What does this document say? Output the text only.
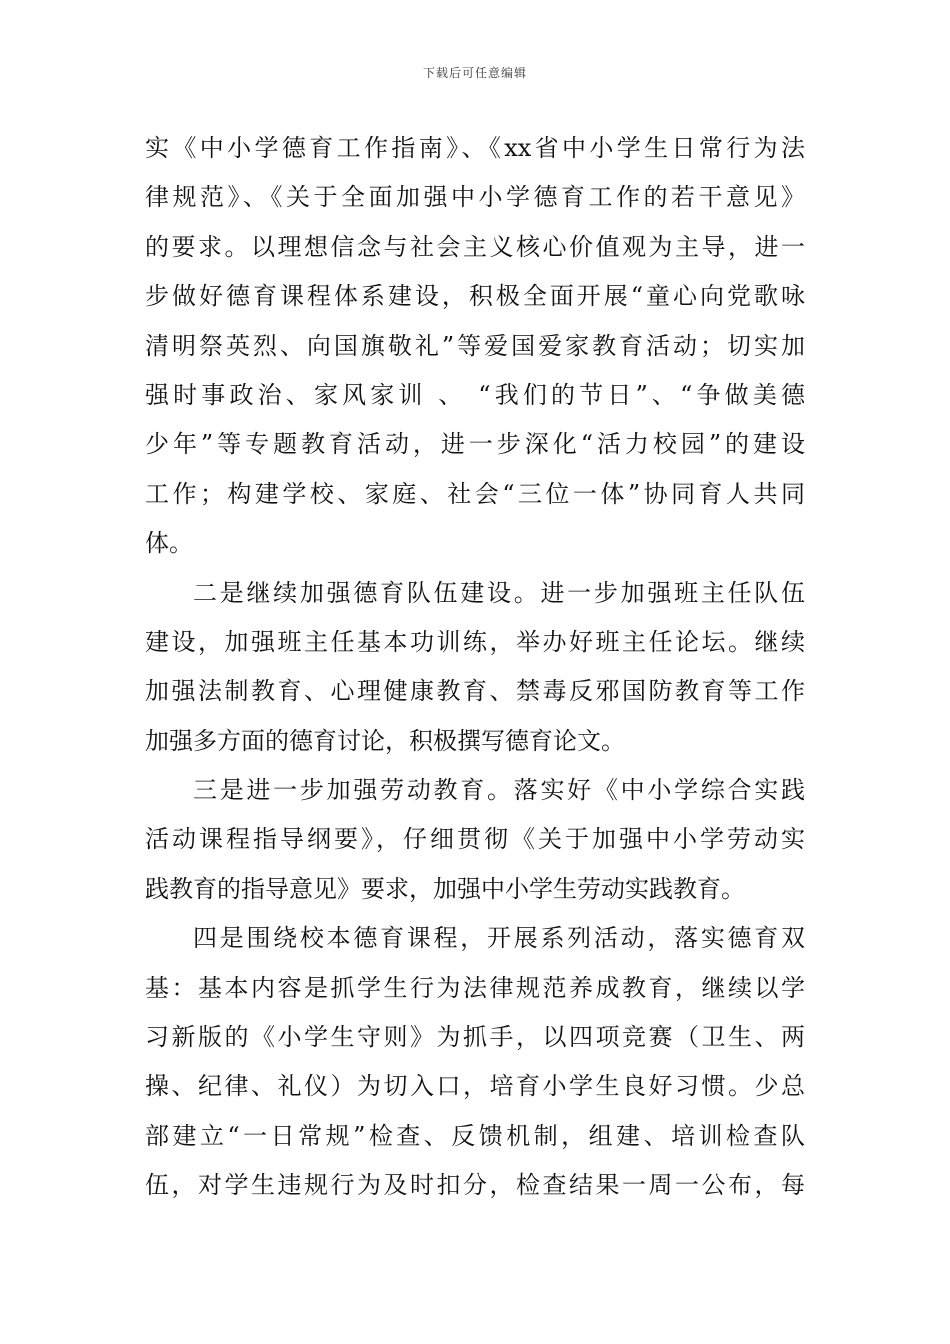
下载后可任意编辑
实《中小学德育工作指南》、《xx省中小学生日常行为法
律规范》、《关于全面加强中小学德育工作的若干意见》
的要求。以理想信念与社会主义核心价值观为主导，进一
步做好德育课程体系建设，积极全面开展“童心向党歌咏
清明祭英烈、向国旗敬礼”等爱国爱家教育活动；切实加
强时事政治、家风家训 、 “我们的节日”、“争做美德
少年”等专题教育活动，进一步深化“活力校园”的建设
工作；构建学校、家庭、社会“三位一体”协同育人共同
体。
二是继续加强德育队伍建设。进一步加强班主任队伍
建设，加强班主任基本功训练，举办好班主任论坛。继续
加强法制教育、心理健康教育、禁毒反邪国防教育等工作
加强多方面的德育讨论，积极撰写德育论文。
三是进一步加强劳动教育。落实好《中小学综合实践
活动课程指导纲要》，仔细贯彻《关于加强中小学劳动实
践教育的指导意见》要求，加强中小学生劳动实践教育。
四是围绕校本德育课程，开展系列活动，落实德育双
基：基本内容是抓学生行为法律规范养成教育，继续以学
习新版的《小学生守则》为抓手，以四项竞赛（卫生、两
操、纪律、礼仪）为切入口，培育小学生良好习惯。少总
部建立“一日常规”检查、反馈机制，组建、培训检查队
伍，对学生违规行为及时扣分，检查结果一周一公布，每
